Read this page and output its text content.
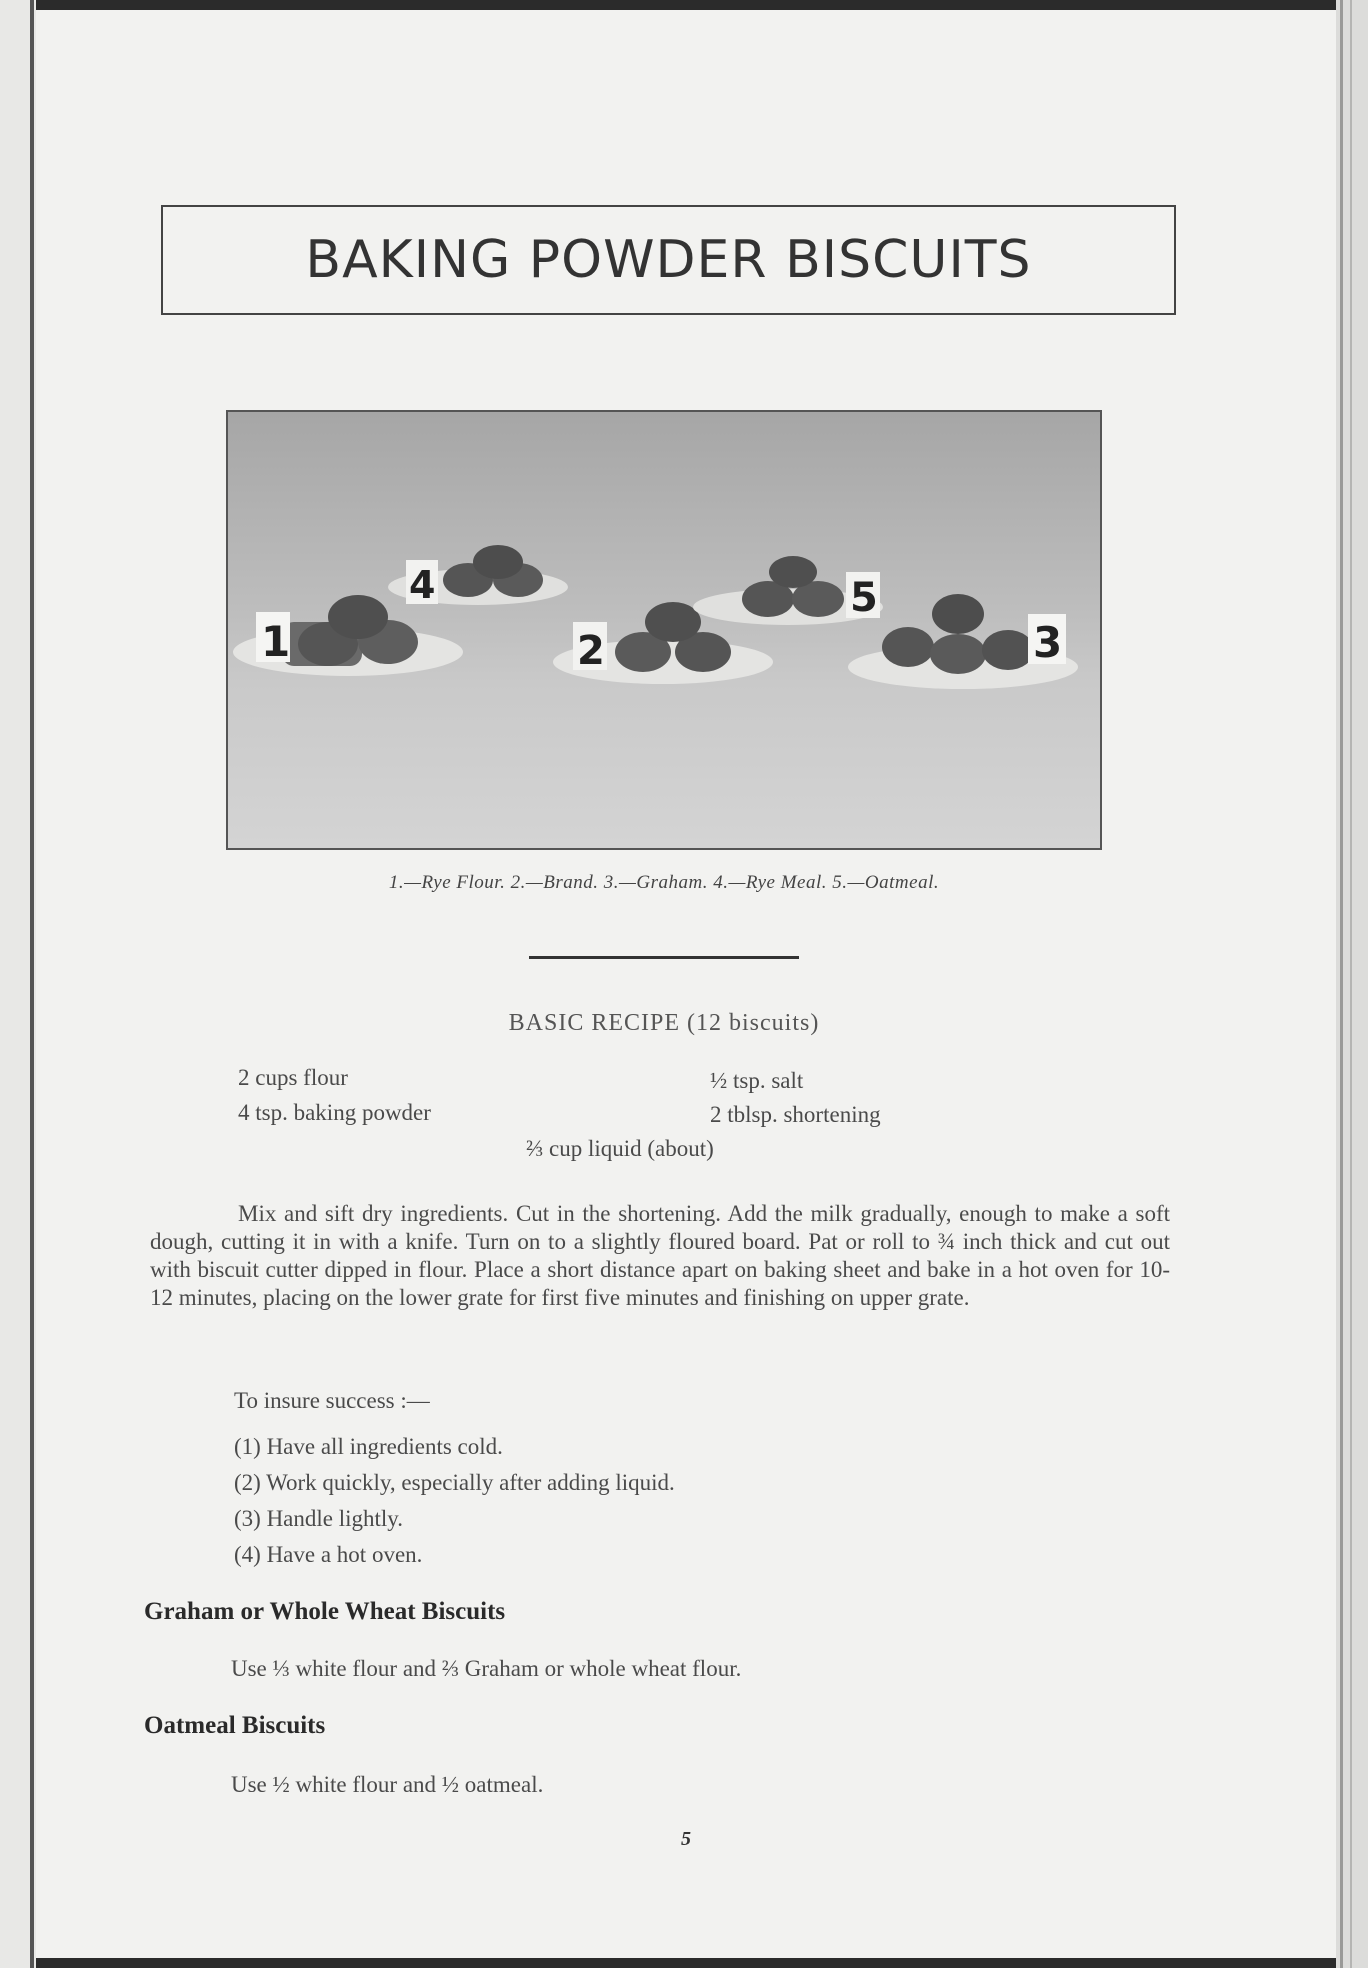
BAKING POWDER BISCUITS
1
4
2
5
3
1.—Rye Flour. 2.—Brand. 3.—Graham. 4.—Rye Meal. 5.—Oatmeal.
BASIC RECIPE (12 biscuits)
2 cups flour
4 tsp. baking powder
½ tsp. salt
2 tblsp. shortening
⅔ cup liquid (about)

Mix and sift dry ingredients. Cut in the shortening. Add the milk gradually, enough to make a soft dough, cutting it in with a knife. Turn on to a slightly floured board. Pat or roll to ¾ inch thick and cut out with biscuit cutter dipped in flour. Place a short distance apart on baking sheet and bake in a hot oven for 10-12 minutes, placing on the lower grate for first five minutes and finishing on upper grate.

To insure success :—
(1) Have all ingredients cold.
(2) Work quickly, especially after adding liquid.
(3) Handle lightly.
(4) Have a hot oven.
Graham or Whole Wheat Biscuits
Use ⅓ white flour and ⅔ Graham or whole wheat flour.
Oatmeal Biscuits
Use ½ white flour and ½ oatmeal.
5
